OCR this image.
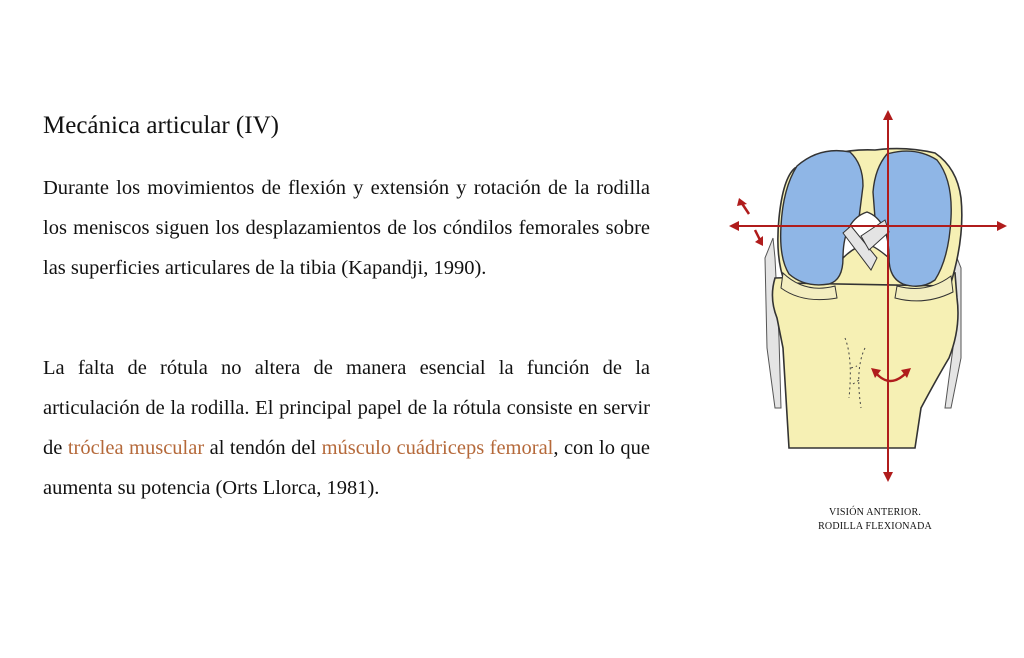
Mecánica articular (IV)

Durante los movimientos de flexión y extensión y rotación de la rodilla los meniscos siguen los desplazamientos de los cóndilos femorales sobre las superficies articulares de la tibia (Kapandji, 1990).

La falta de rótula no altera de manera esencial la función de la articulación de la rodilla. El principal papel de la rótula consiste en servir de tróclea muscular al tendón del músculo cuádriceps femoral, con lo que aumenta su potencia (Orts Llorca, 1981).

VISIÓN ANTERIOR.
RODILLA FLEXIONADA
